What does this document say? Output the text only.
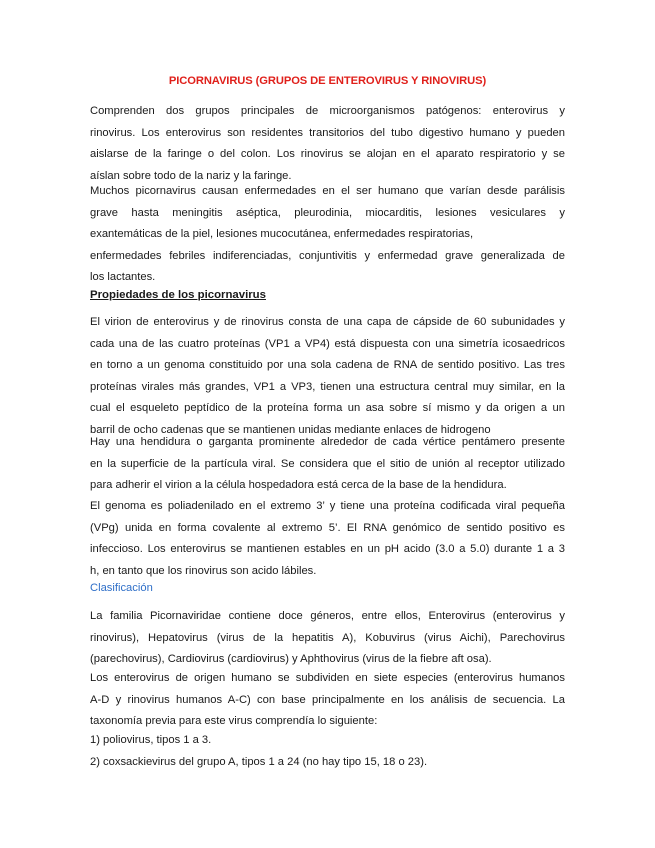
PICORNAVIRUS (GRUPOS DE ENTEROVIRUS Y RINOVIRUS)
Comprenden dos grupos principales de microorganismos patógenos: enterovirus y
rinovirus. Los enterovirus son residentes transitorios del tubo digestivo humano y pueden
aislarse de la faringe o del colon. Los rinovirus se alojan en el aparato respiratorio y se
aíslan sobre todo de la nariz y la faringe.
Muchos picornavirus causan enfermedades en el ser humano que varían desde parálisis
grave hasta meningitis aséptica, pleurodinia, miocarditis, lesiones vesiculares y
exantemáticas de la piel, lesiones mucocutánea, enfermedades respiratorias,
enfermedades febriles indiferenciadas, conjuntivitis y enfermedad grave generalizada de
los lactantes.
Propiedades de los picornavirus
El virion de enterovirus y de rinovirus consta de una capa de cápside de 60 subunidades y
cada una de las cuatro proteínas (VP1 a VP4) está dispuesta con una simetría icosaedricos
en torno a un genoma constituido por una sola cadena de RNA de sentido positivo. Las tres
proteínas virales más grandes, VP1 a VP3, tienen una estructura central muy similar, en la
cual el esqueleto peptídico de la proteína forma un asa sobre sí mismo y da origen a un
barril de ocho cadenas que se mantienen unidas mediante enlaces de hidrogeno
Hay una hendidura o garganta prominente alrededor de cada vértice pentámero presente
en la superficie de la partícula viral. Se considera que el sitio de unión al receptor utilizado
para adherir el virion a la célula hospedadora está cerca de la base de la hendidura.
El genoma es poliadenilado en el extremo 3’ y tiene una proteína codificada viral pequeña
(VPg) unida en forma covalente al extremo 5’. El RNA genómico de sentido positivo es
infeccioso. Los enterovirus se mantienen estables en un pH acido (3.0 a 5.0) durante 1 a 3
h, en tanto que los rinovirus son acido lábiles.
Clasificación
La familia Picornaviridae contiene doce géneros, entre ellos, Enterovirus (enterovirus y
rinovirus), Hepatovirus (virus de la hepatitis A), Kobuvirus (virus Aichi), Parechovirus
(parechovirus), Cardiovirus (cardiovirus) y Aphthovirus (virus de la fiebre aft osa).
Los enterovirus de origen humano se subdividen en siete especies (enterovirus humanos
A-D y rinovirus humanos A-C) con base principalmente en los análisis de secuencia. La
taxonomía previa para este virus comprendía lo siguiente:
1) poliovirus, tipos 1 a 3.
2) coxsackievirus del grupo A, tipos 1 a 24 (no hay tipo 15, 18 o 23).
